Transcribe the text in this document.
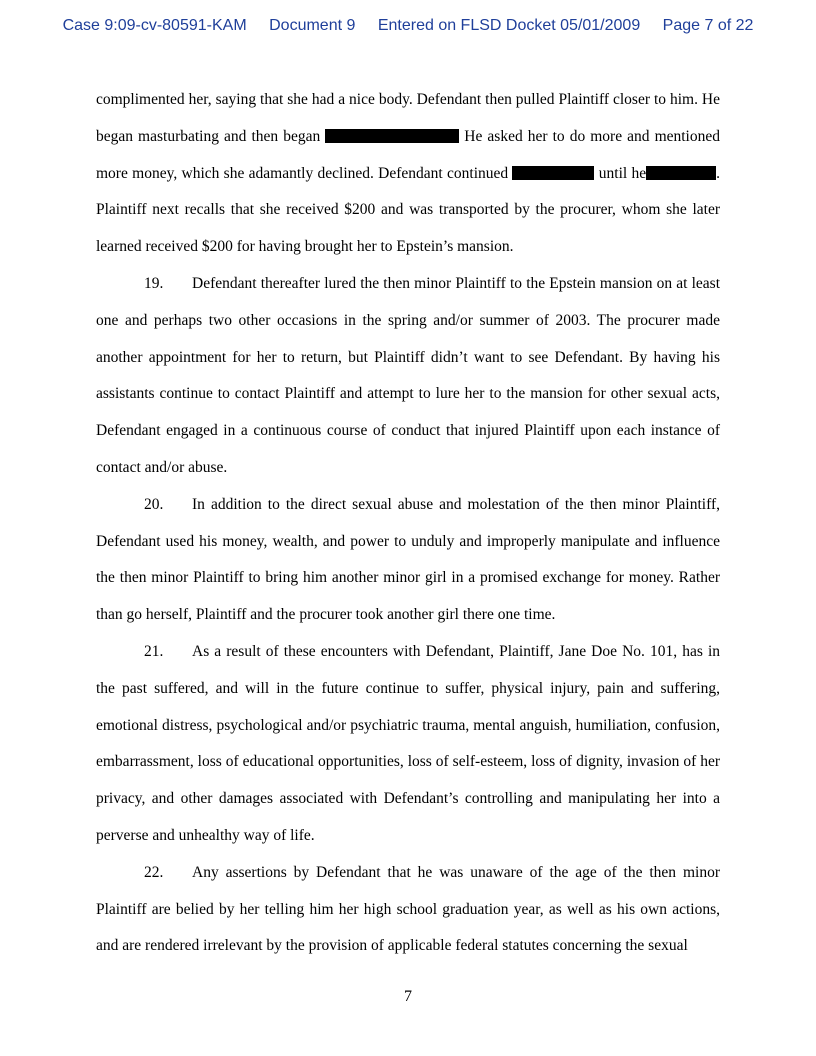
Case 9:09-cv-80591-KAM Document 9 Entered on FLSD Docket 05/01/2009 Page 7 of 22

complimented her, saying that she had a nice body. Defendant then pulled Plaintiff closer to him. He began masturbating and then began	He asked her to do more and mentioned more money, which she adamantly declined. Defendant continued	until he	. Plaintiff next recalls that she received $200 and was transported by the procurer, whom she later learned received $200 for having brought her to Epstein’s mansion.

19. Defendant thereafter lured the then minor Plaintiff to the Epstein mansion on at least one and perhaps two other occasions in the spring and/or summer of 2003. The procurer made another appointment for her to return, but Plaintiff didn’t want to see Defendant. By having his assistants continue to contact Plaintiff and attempt to lure her to the mansion for other sexual acts, Defendant engaged in a continuous course of conduct that injured Plaintiff upon each instance of contact and/or abuse.

20. In addition to the direct sexual abuse and molestation of the then minor Plaintiff, Defendant used his money, wealth, and power to unduly and improperly manipulate and influence the then minor Plaintiff to bring him another minor girl in a promised exchange for money. Rather than go herself, Plaintiff and the procurer took another girl there one time.

21. As a result of these encounters with Defendant, Plaintiff, Jane Doe No. 101, has in the past suffered, and will in the future continue to suffer, physical injury, pain and suffering, emotional distress, psychological and/or psychiatric trauma, mental anguish, humiliation, confusion, embarrassment, loss of educational opportunities, loss of self-esteem, loss of dignity, invasion of her privacy, and other damages associated with Defendant’s controlling and manipulating her into a perverse and unhealthy way of life.

22. Any assertions by Defendant that he was unaware of the age of the then minor Plaintiff are belied by her telling him her high school graduation year, as well as his own actions, and are rendered irrelevant by the provision of applicable federal statutes concerning the sexual

7
